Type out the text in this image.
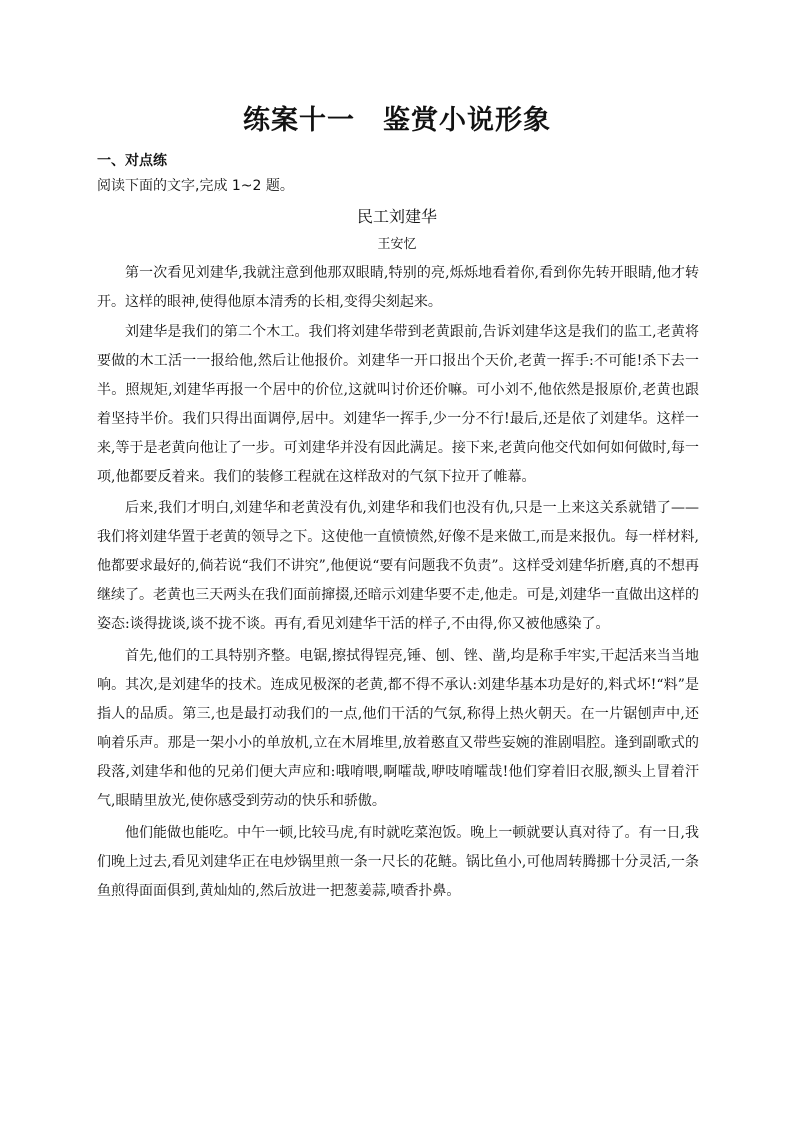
练案十一　鉴赏小说形象
一、对点练
阅读下面的文字,完成 1~2 题。
民工刘建华
王安忆

第一次看见刘建华,我就注意到他那双眼睛,特别的亮,烁烁地看着你,看到你先转开眼睛,他才转开。这样的眼神,使得他原本清秀的长相,变得尖刻起来。

刘建华是我们的第二个木工。我们将刘建华带到老黄跟前,告诉刘建华这是我们的监工,老黄将要做的木工活一一报给他,然后让他报价。刘建华一开口报出个天价,老黄一挥手:不可能!杀下去一半。照规矩,刘建华再报一个居中的价位,这就叫讨价还价嘛。可小刘不,他依然是报原价,老黄也跟着坚持半价。我们只得出面调停,居中。刘建华一挥手,少一分不行!最后,还是依了刘建华。这样一来,等于是老黄向他让了一步。可刘建华并没有因此满足。接下来,老黄向他交代如何如何做时,每一项,他都要反着来。我们的装修工程就在这样敌对的气氛下拉开了帷幕。

后来,我们才明白,刘建华和老黄没有仇,刘建华和我们也没有仇,只是一上来这关系就错了——我们将刘建华置于老黄的领导之下。这使他一直愤愤然,好像不是来做工,而是来报仇。每一样材料,他都要求最好的,倘若说“我们不讲究”,他便说“要有问题我不负责”。这样受刘建华折磨,真的不想再继续了。老黄也三天两头在我们面前撺掇,还暗示刘建华要不走,他走。可是,刘建华一直做出这样的姿态:谈得拢谈,谈不拢不谈。再有,看见刘建华干活的样子,不由得,你又被他感染了。

首先,他们的工具特别齐整。电锯,擦拭得锃亮,锤、刨、锉、凿,均是称手牢实,干起活来当当地响。其次,是刘建华的技术。连成见极深的老黄,都不得不承认:刘建华基本功是好的,料式坏!“料”是指人的品质。第三,也是最打动我们的一点,他们干活的气氛,称得上热火朝天。在一片锯刨声中,还响着乐声。那是一架小小的单放机,立在木屑堆里,放着憨直又带些妄婉的淮剧唱腔。逢到副歌式的段落,刘建华和他的兄弟们便大声应和:哦唷喂,啊嚯哉,咿吱唷嚯哉!他们穿着旧衣服,额头上冒着汗气,眼睛里放光,使你感受到劳动的快乐和骄傲。

他们能做也能吃。中午一顿,比较马虎,有时就吃菜泡饭。晚上一顿就要认真对待了。有一日,我们晚上过去,看见刘建华正在电炒锅里煎一条一尺长的花鲢。锅比鱼小,可他周转腾挪十分灵活,一条鱼煎得面面俱到,黄灿灿的,然后放进一把葱姜蒜,喷香扑鼻。
